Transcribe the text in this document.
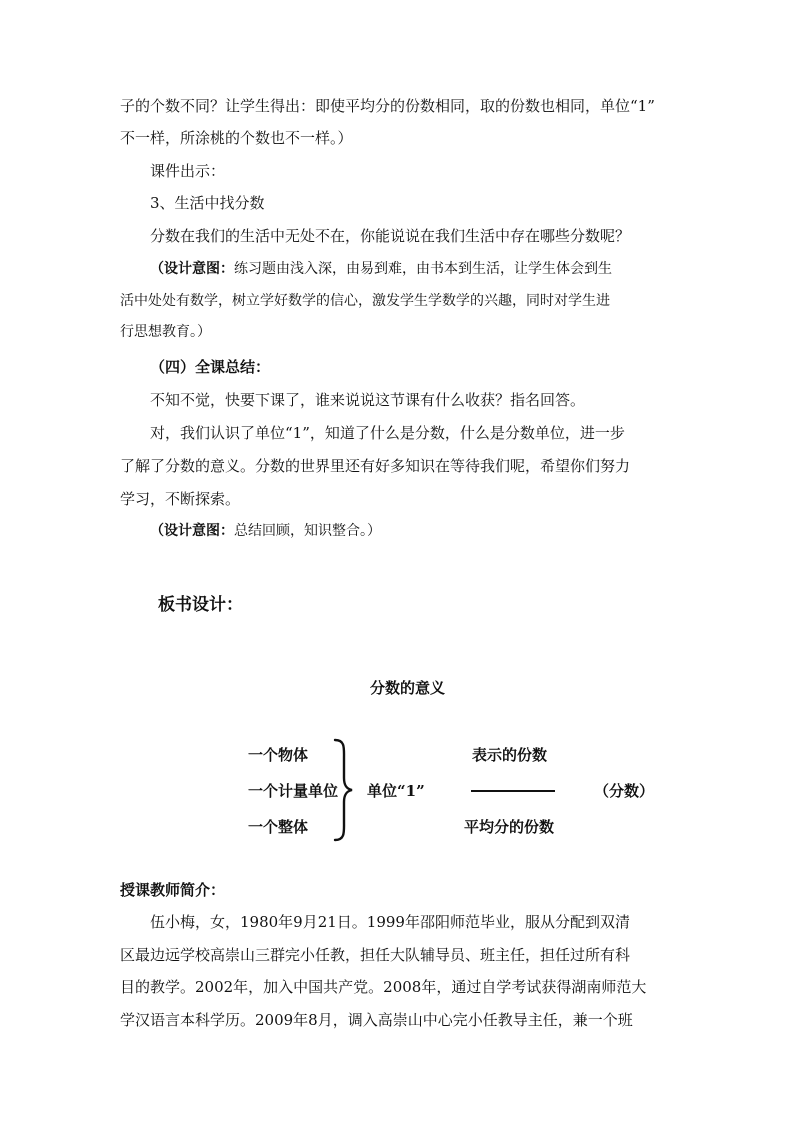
子的个数不同？让学生得出：即使平均分的份数相同，取的份数也相同，单位“1”
不一样，所涂桃的个数也不一样。）
课件出示：
3、生活中找分数
分数在我们的生活中无处不在，你能说说在我们生活中存在哪些分数呢？
（设计意图：练习题由浅入深，由易到难，由书本到生活，让学生体会到生
活中处处有数学，树立学好数学的信心，激发学生学数学的兴趣，同时对学生进
行思想教育。）
（四）全课总结：
不知不觉，快要下课了，谁来说说这节课有什么收获？指名回答。
对，我们认识了单位“1”，知道了什么是分数，什么是分数单位，进一步
了解了分数的意义。分数的世界里还有好多知识在等待我们呢，希望你们努力
学习，不断探索。
（设计意图：总结回顾，知识整合。）
板书设计：
分数的意义
一个物体
一个计量单位
一个整体
单位“1”
表示的份数
平均分的份数
（分数）
授课教师简介：
伍小梅，女，1980年9月21日。1999年邵阳师范毕业，服从分配到双清
区最边远学校高崇山三群完小任教，担任大队辅导员、班主任，担任过所有科
目的教学。2002年，加入中国共产党。2008年，通过自学考试获得湖南师范大
学汉语言本科学历。2009年8月，调入高崇山中心完小任教导主任，兼一个班
